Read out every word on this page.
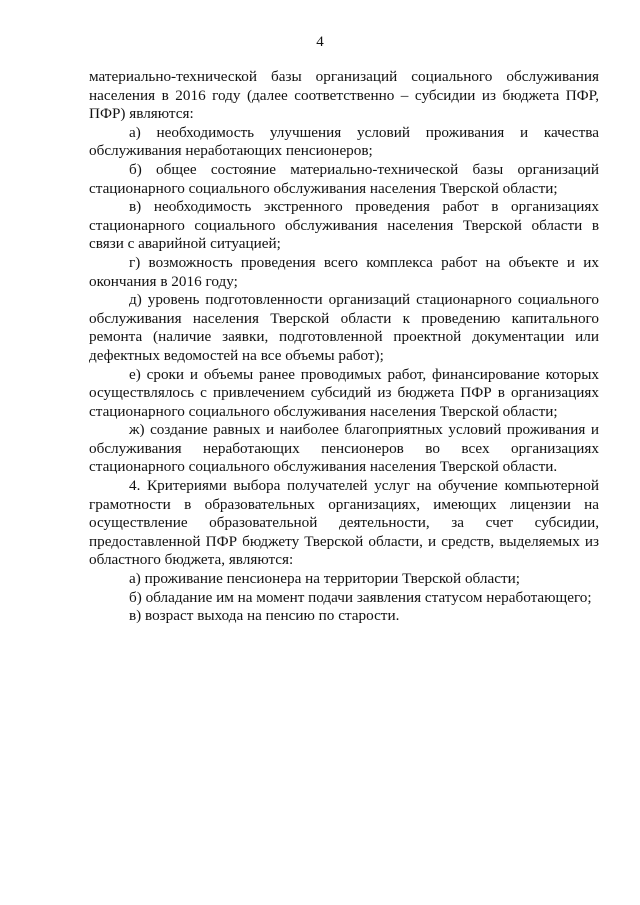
4

материально-технической базы организаций социального обслуживания населения в 2016 году (далее соответственно – субсидии из бюджета ПФР, ПФР) являются:

а) необходимость улучшения условий проживания и качества обслуживания неработающих пенсионеров;

б) общее состояние материально-технической базы организаций стационарного социального обслуживания населения Тверской области;

в) необходимость экстренного проведения работ в организациях стационарного социального обслуживания населения Тверской области в связи с аварийной ситуацией;

г) возможность проведения всего комплекса работ на объекте и их окончания в 2016 году;

д) уровень подготовленности организаций стационарного социального обслуживания населения Тверской области к проведению капитального ремонта (наличие заявки, подготовленной проектной документации или дефектных ведомостей на все объемы работ);

е) сроки и объемы ранее проводимых работ, финансирование которых осуществлялось с привлечением субсидий из бюджета ПФР в организациях стационарного социального обслуживания населения Тверской области;

ж) создание равных и наиболее благоприятных условий проживания и обслуживания неработающих пенсионеров во всех организациях стационарного социального обслуживания населения Тверской области.

4. Критериями выбора получателей услуг на обучение компьютерной грамотности в образовательных организациях, имеющих лицензии на осуществление образовательной деятельности, за счет субсидии, предоставленной ПФР бюджету Тверской области, и средств, выделяемых из областного бюджета, являются:

а) проживание пенсионера на территории Тверской области;

б) обладание им на момент подачи заявления статусом неработающего;

в) возраст выхода на пенсию по старости.
